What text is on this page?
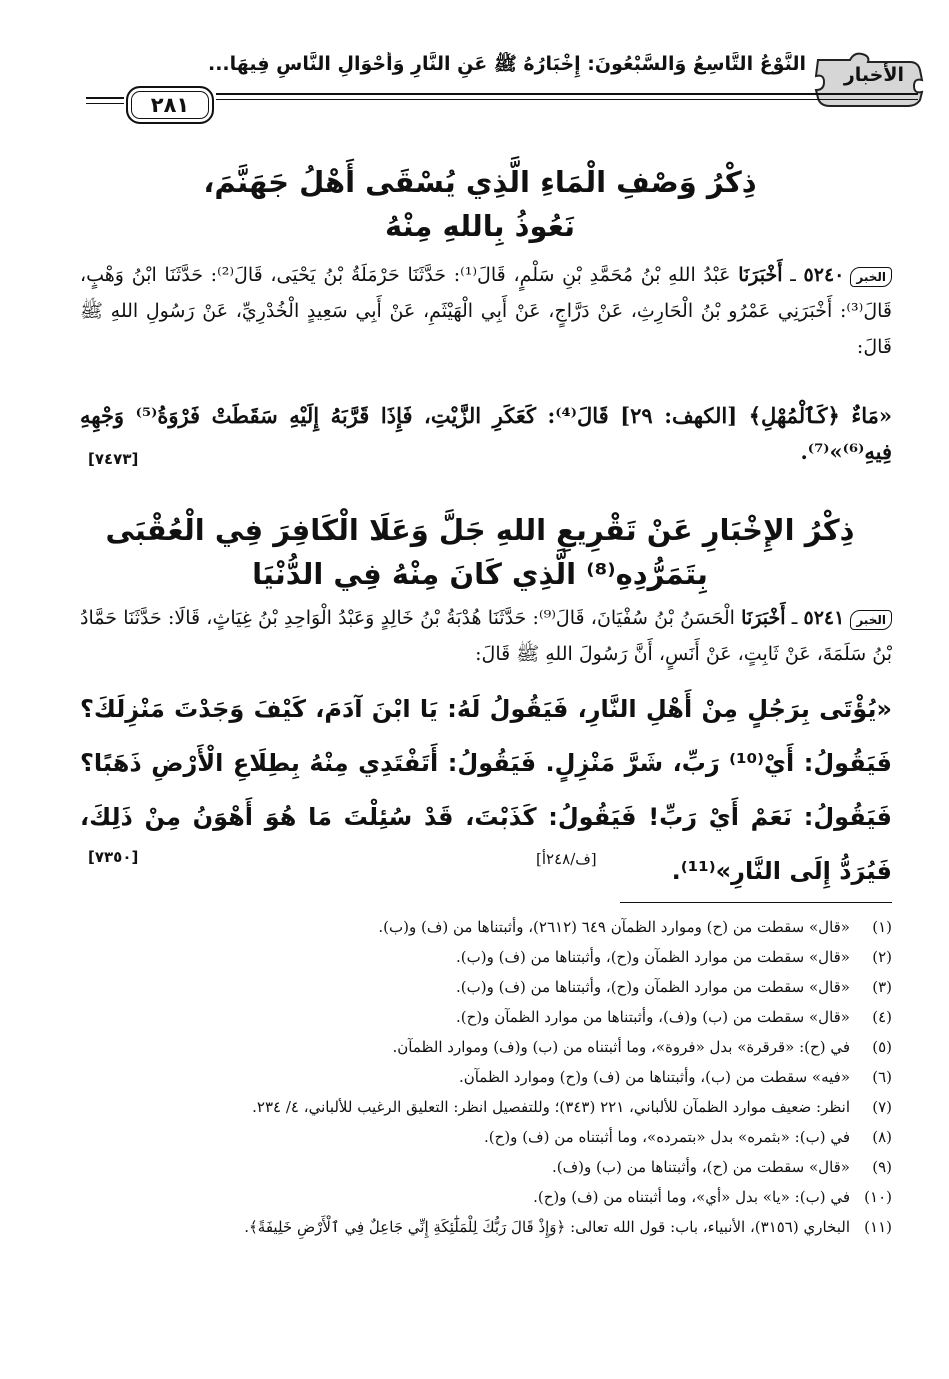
الأخبار
النَّوْعُ التَّاسِعُ وَالسَّبْعُونَ: إِخْبَارُهُ ﷺ عَنِ النَّارِ وَأَحْوَالِ النَّاسِ فِيهَا...
٢٨١
ذِكْرُ وَصْفِ الْمَاءِ الَّذِي يُسْقَى أَهْلُ جَهَنَّمَ،
نَعُوذُ بِاللهِ مِنْهُ
الخبر٥٢٤٠ ـ أَخْبَرَنَا عَبْدُ اللهِ بْنُ مُحَمَّدِ بْنِ سَلْمٍ، قَالَ⁽¹⁾: حَدَّثَنَا حَرْمَلَةُ بْنُ يَحْيَى، قَالَ⁽²⁾: حَدَّثَنَا ابْنُ وَهْبٍ، قَالَ⁽³⁾: أَخْبَرَنِي عَمْرُو بْنُ الْحَارِثِ، عَنْ دَرَّاجٍ، عَنْ أَبِي الْهَيْثَمِ، عَنْ أَبِي سَعِيدٍ الْخُدْرِيِّ، عَنْ رَسُولِ اللهِ ﷺ قَالَ:
«مَاءٌ ﴿كَٱلْمُهْلِ﴾ [الكهف: ٢٩] قَالَ⁽⁴⁾: كَعَكَرِ الزَّيْتِ، فَإِذَا قَرَّبَهُ إِلَيْهِ سَقَطَتْ فَرْوَةُ⁽⁵⁾ وَجْهِهِ فِيهِ⁽⁶⁾»⁽⁷⁾.
[٧٤٧٣]
ذِكْرُ الإِخْبَارِ عَنْ تَقْرِيعِ اللهِ جَلَّ وَعَلَا الْكَافِرَ فِي الْعُقْبَى
بِتَمَرُّدِهِ⁽⁸⁾ الَّذِي كَانَ مِنْهُ فِي الدُّنْيَا
الخبر٥٢٤١ ـ أَخْبَرَنَا الْحَسَنُ بْنُ سُفْيَانَ، قَالَ⁽⁹⁾: حَدَّثَنَا هُدْبَةُ بْنُ خَالِدٍ وَعَبْدُ الْوَاحِدِ بْنُ غِيَاثٍ، قَالَا: حَدَّثَنَا حَمَّادُ بْنُ سَلَمَةَ، عَنْ ثَابِتٍ، عَنْ أَنَسٍ، أَنَّ رَسُولَ اللهِ ﷺ قَالَ:
«يُؤْتَى بِرَجُلٍ مِنْ أَهْلِ النَّارِ، فَيَقُولُ لَهُ: يَا ابْنَ آدَمَ، كَيْفَ وَجَدْتَ مَنْزِلَكَ؟ فَيَقُولُ: أَيْ⁽¹⁰⁾ رَبِّ، شَرَّ مَنْزِلٍ. فَيَقُولُ: أَتَفْتَدِي مِنْهُ بِطِلَاعِ الْأَرْضِ ذَهَبًا؟ فَيَقُولُ: نَعَمْ أَيْ رَبِّ! فَيَقُولُ: كَذَبْتَ، قَدْ سُئِلْتَ مَا هُوَ أَهْوَنُ مِنْ ذَلِكَ، فَيُرَدُّ إِلَى النَّارِ»⁽¹¹⁾.
[ف/٢٤٨أ]
[٧٣٥٠]
(١)
«قال» سقطت من (ح) وموارد الظمآن ٦٤٩ (٢٦١٢)، وأثبتناها من (ف) و(ب).
(٢)
«قال» سقطت من موارد الظمآن و(ح)، وأثبتناها من (ف) و(ب).
(٣)
«قال» سقطت من موارد الظمآن و(ح)، وأثبتناها من (ف) و(ب).
(٤)
«قال» سقطت من (ب) و(ف)، وأثبتناها من موارد الظمآن و(ح).
(٥)
في (ح): «قرقرة» بدل «فروة»، وما أثبتناه من (ب) و(ف) وموارد الظمآن.
(٦)
«فيه» سقطت من (ب)، وأثبتناها من (ف) و(ح) وموارد الظمآن.
(٧)
انظر: ضعيف موارد الظمآن للألباني، ٢٢١ (٣٤٣)؛ وللتفصيل انظر: التعليق الرغيب للألباني، ٤/ ٢٣٤.
(٨)
في (ب): «بثمره» بدل «بتمرده»، وما أثبتناه من (ف) و(ح).
(٩)
«قال» سقطت من (ح)، وأثبتناها من (ب) و(ف).
(١٠)
في (ب): «يا» بدل «أي»، وما أثبتناه من (ف) و(ح).
(١١)
البخاري (٣١٥٦)، الأنبياء، باب: قول الله تعالى: ﴿وَإِذْ قَالَ رَبُّكَ لِلْمَلَٰٓئِكَةِ إِنِّي جَاعِلٌ فِي ٱلْأَرْضِ خَلِيفَةً﴾.
